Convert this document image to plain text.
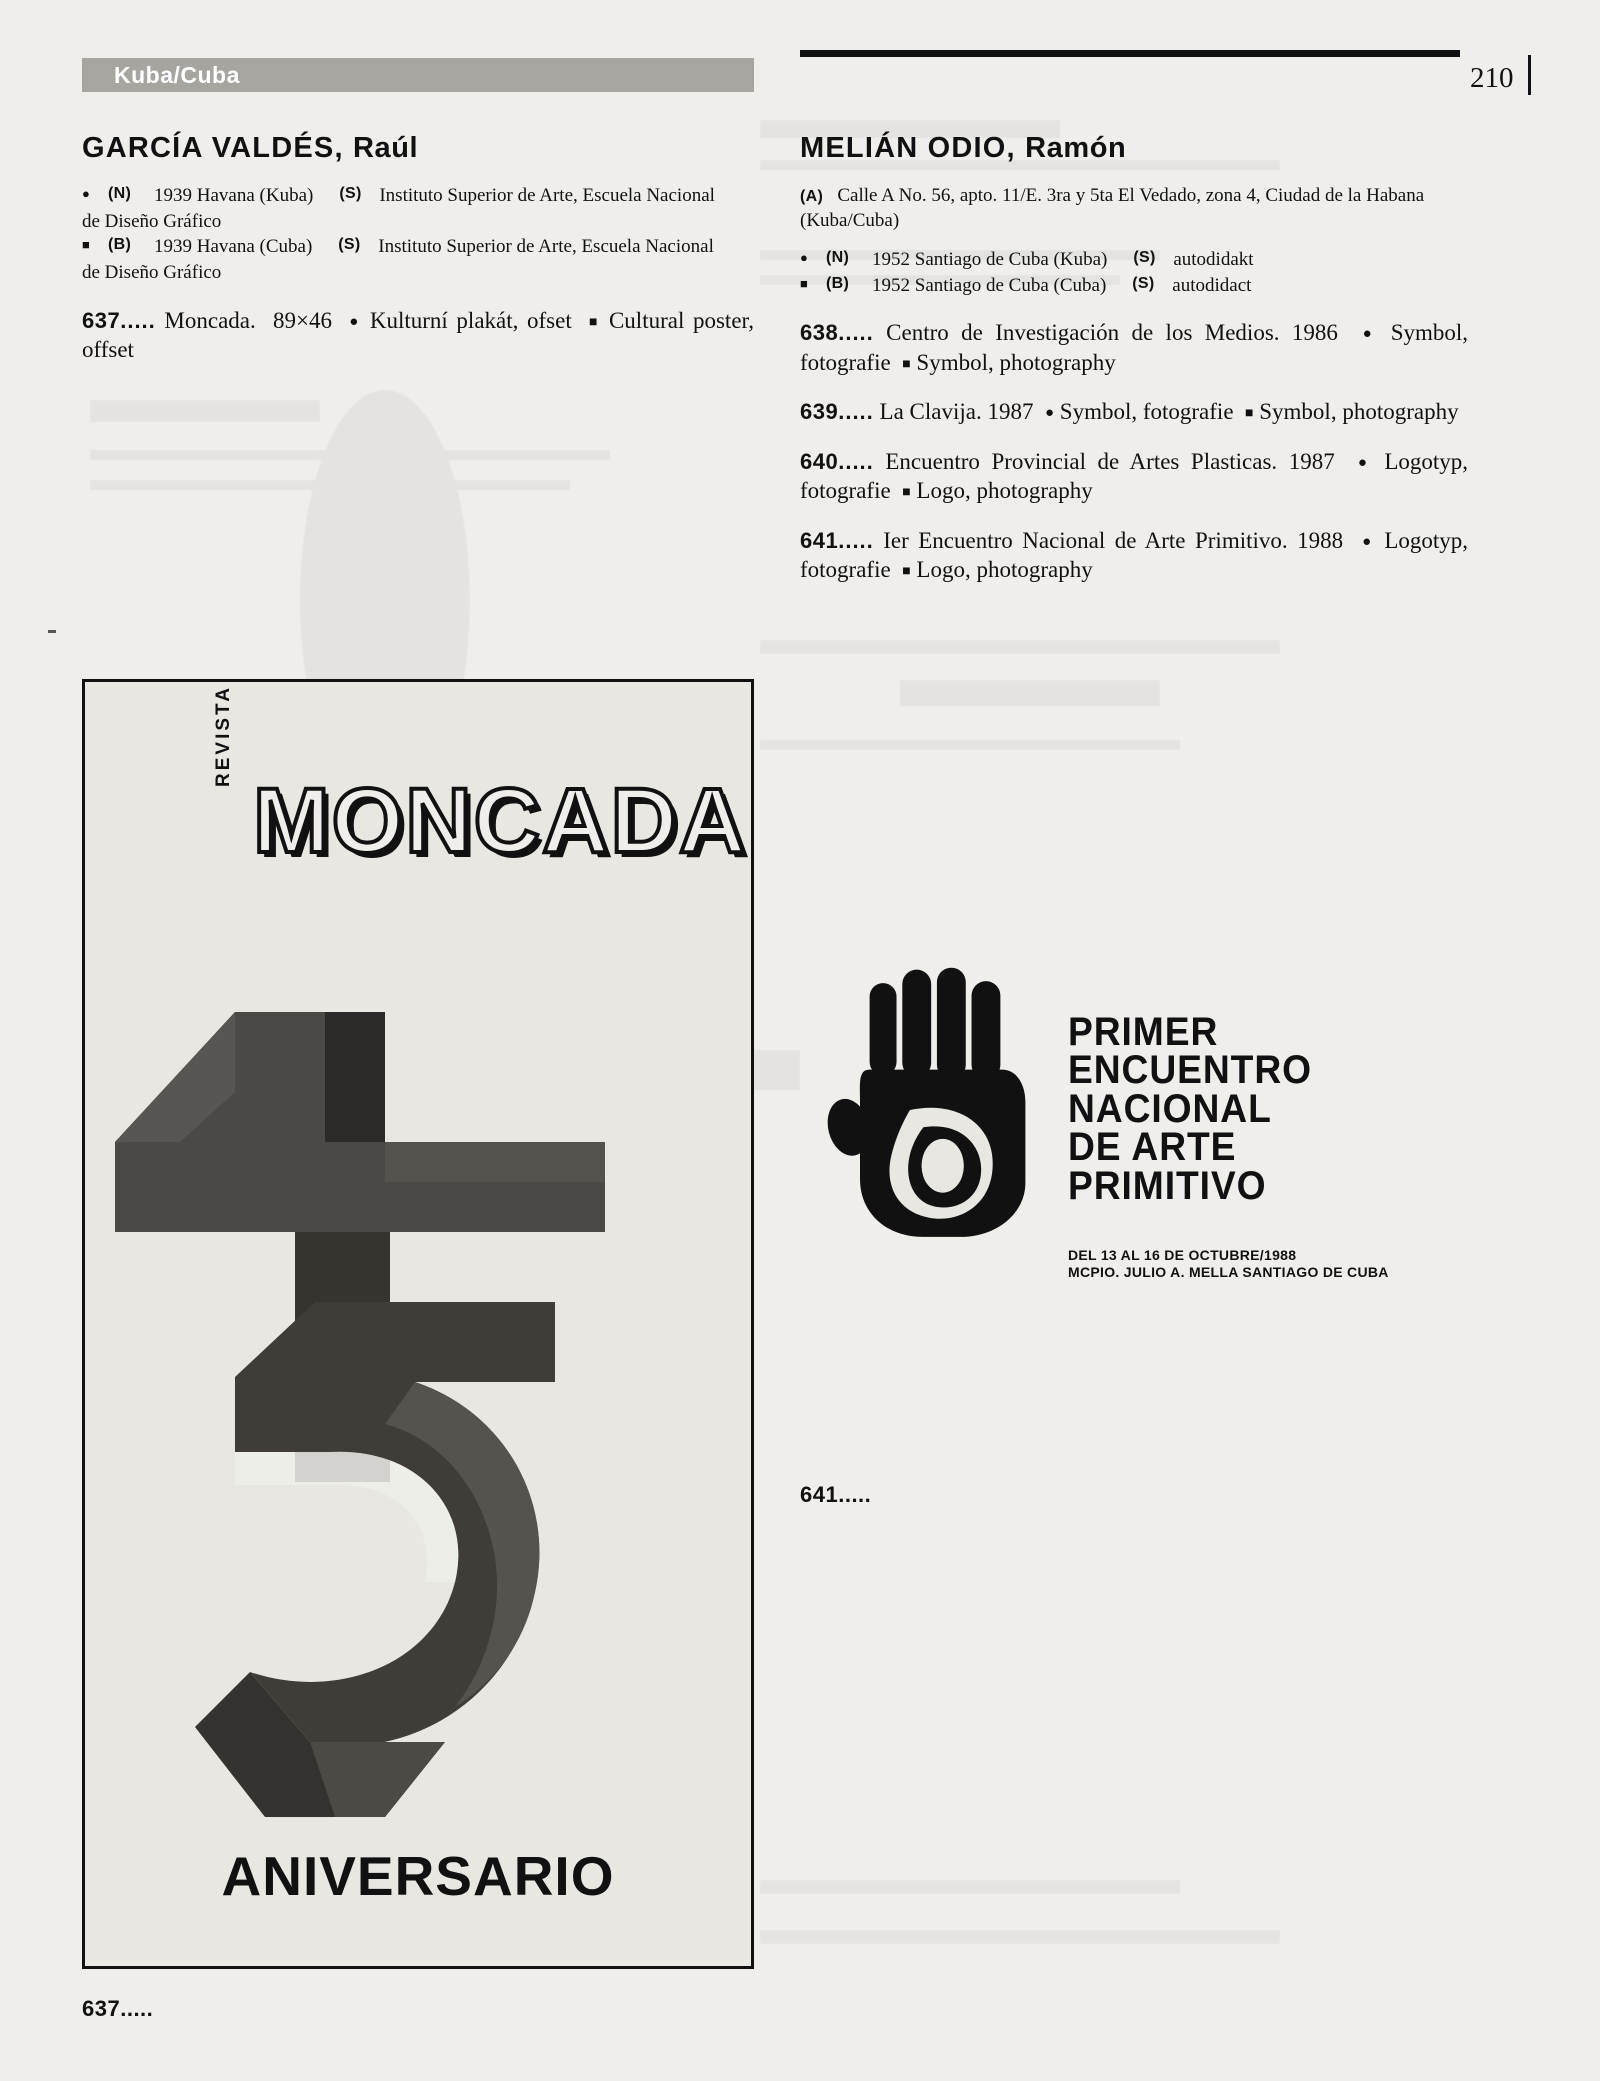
Kuba/Cuba	210
GARCÍA VALDÉS, Raúl
●
(N)	1939 Havana (Kuba)	(S) Instituto Superior de Arte, Escuela Nacional
de Diseño Gráfico
■
(B)	1939 Havana (Cuba)	(S) Instituto Superior de Arte, Escuela Nacional
de Diseño Gráfico

637..... Moncada. 89×46 ● Kulturní plakát, ofset ■ Cultural poster, offset

MELIÁN ODIO, Ramón

(A) Calle A No. 56, apto. 11/E. 3ra y 5ta El Vedado, zona 4, Ciudad de la Habana (Kuba/Cuba)

●
(N)	1952 Santiago de Cuba (Kuba)	(S) autodidakt
■
(B)	1952 Santiago de Cuba (Cuba)	(S) autodidact

638..... Centro de Investigación de los Medios. 1986 ● Symbol, fotografie ■ Symbol, photography

639..... La Clavija. 1987 ● Symbol, fotografie ■ Symbol, photography

640..... Encuentro Provincial de Artes Plasticas. 1987 ● Logotyp, fotografie ■ Logo, photography

641..... Ier Encuentro Nacional de Arte Primitivo. 1988 ● Logotyp, fotografie ■ Logo, photography

REVISTA
MONCADA
ANIVERSARIO
637.....
PRIMER
ENCUENTRO
NACIONAL
DE ARTE
PRIMITIVO
DEL 13 AL 16 DE OCTUBRE/1988
MCPIO. JULIO A. MELLA SANTIAGO DE CUBA
641.....
